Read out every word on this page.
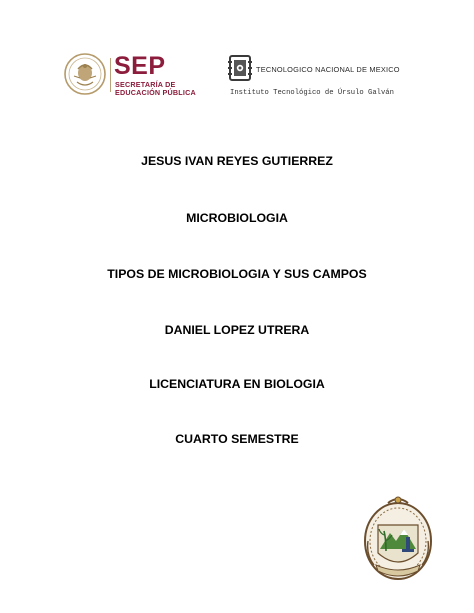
SEP
SECRETARÍA DE
EDUCACIÓN PÚBLICA
TECNOLOGICO NACIONAL DE MEXICO
Instituto Tecnológico de Úrsulo Galván
JESUS IVAN REYES GUTIERREZ
MICROBIOLOGIA
TIPOS DE MICROBIOLOGIA Y SUS CAMPOS
DANIEL LOPEZ UTRERA
LICENCIATURA EN BIOLOGIA
CUARTO SEMESTRE
